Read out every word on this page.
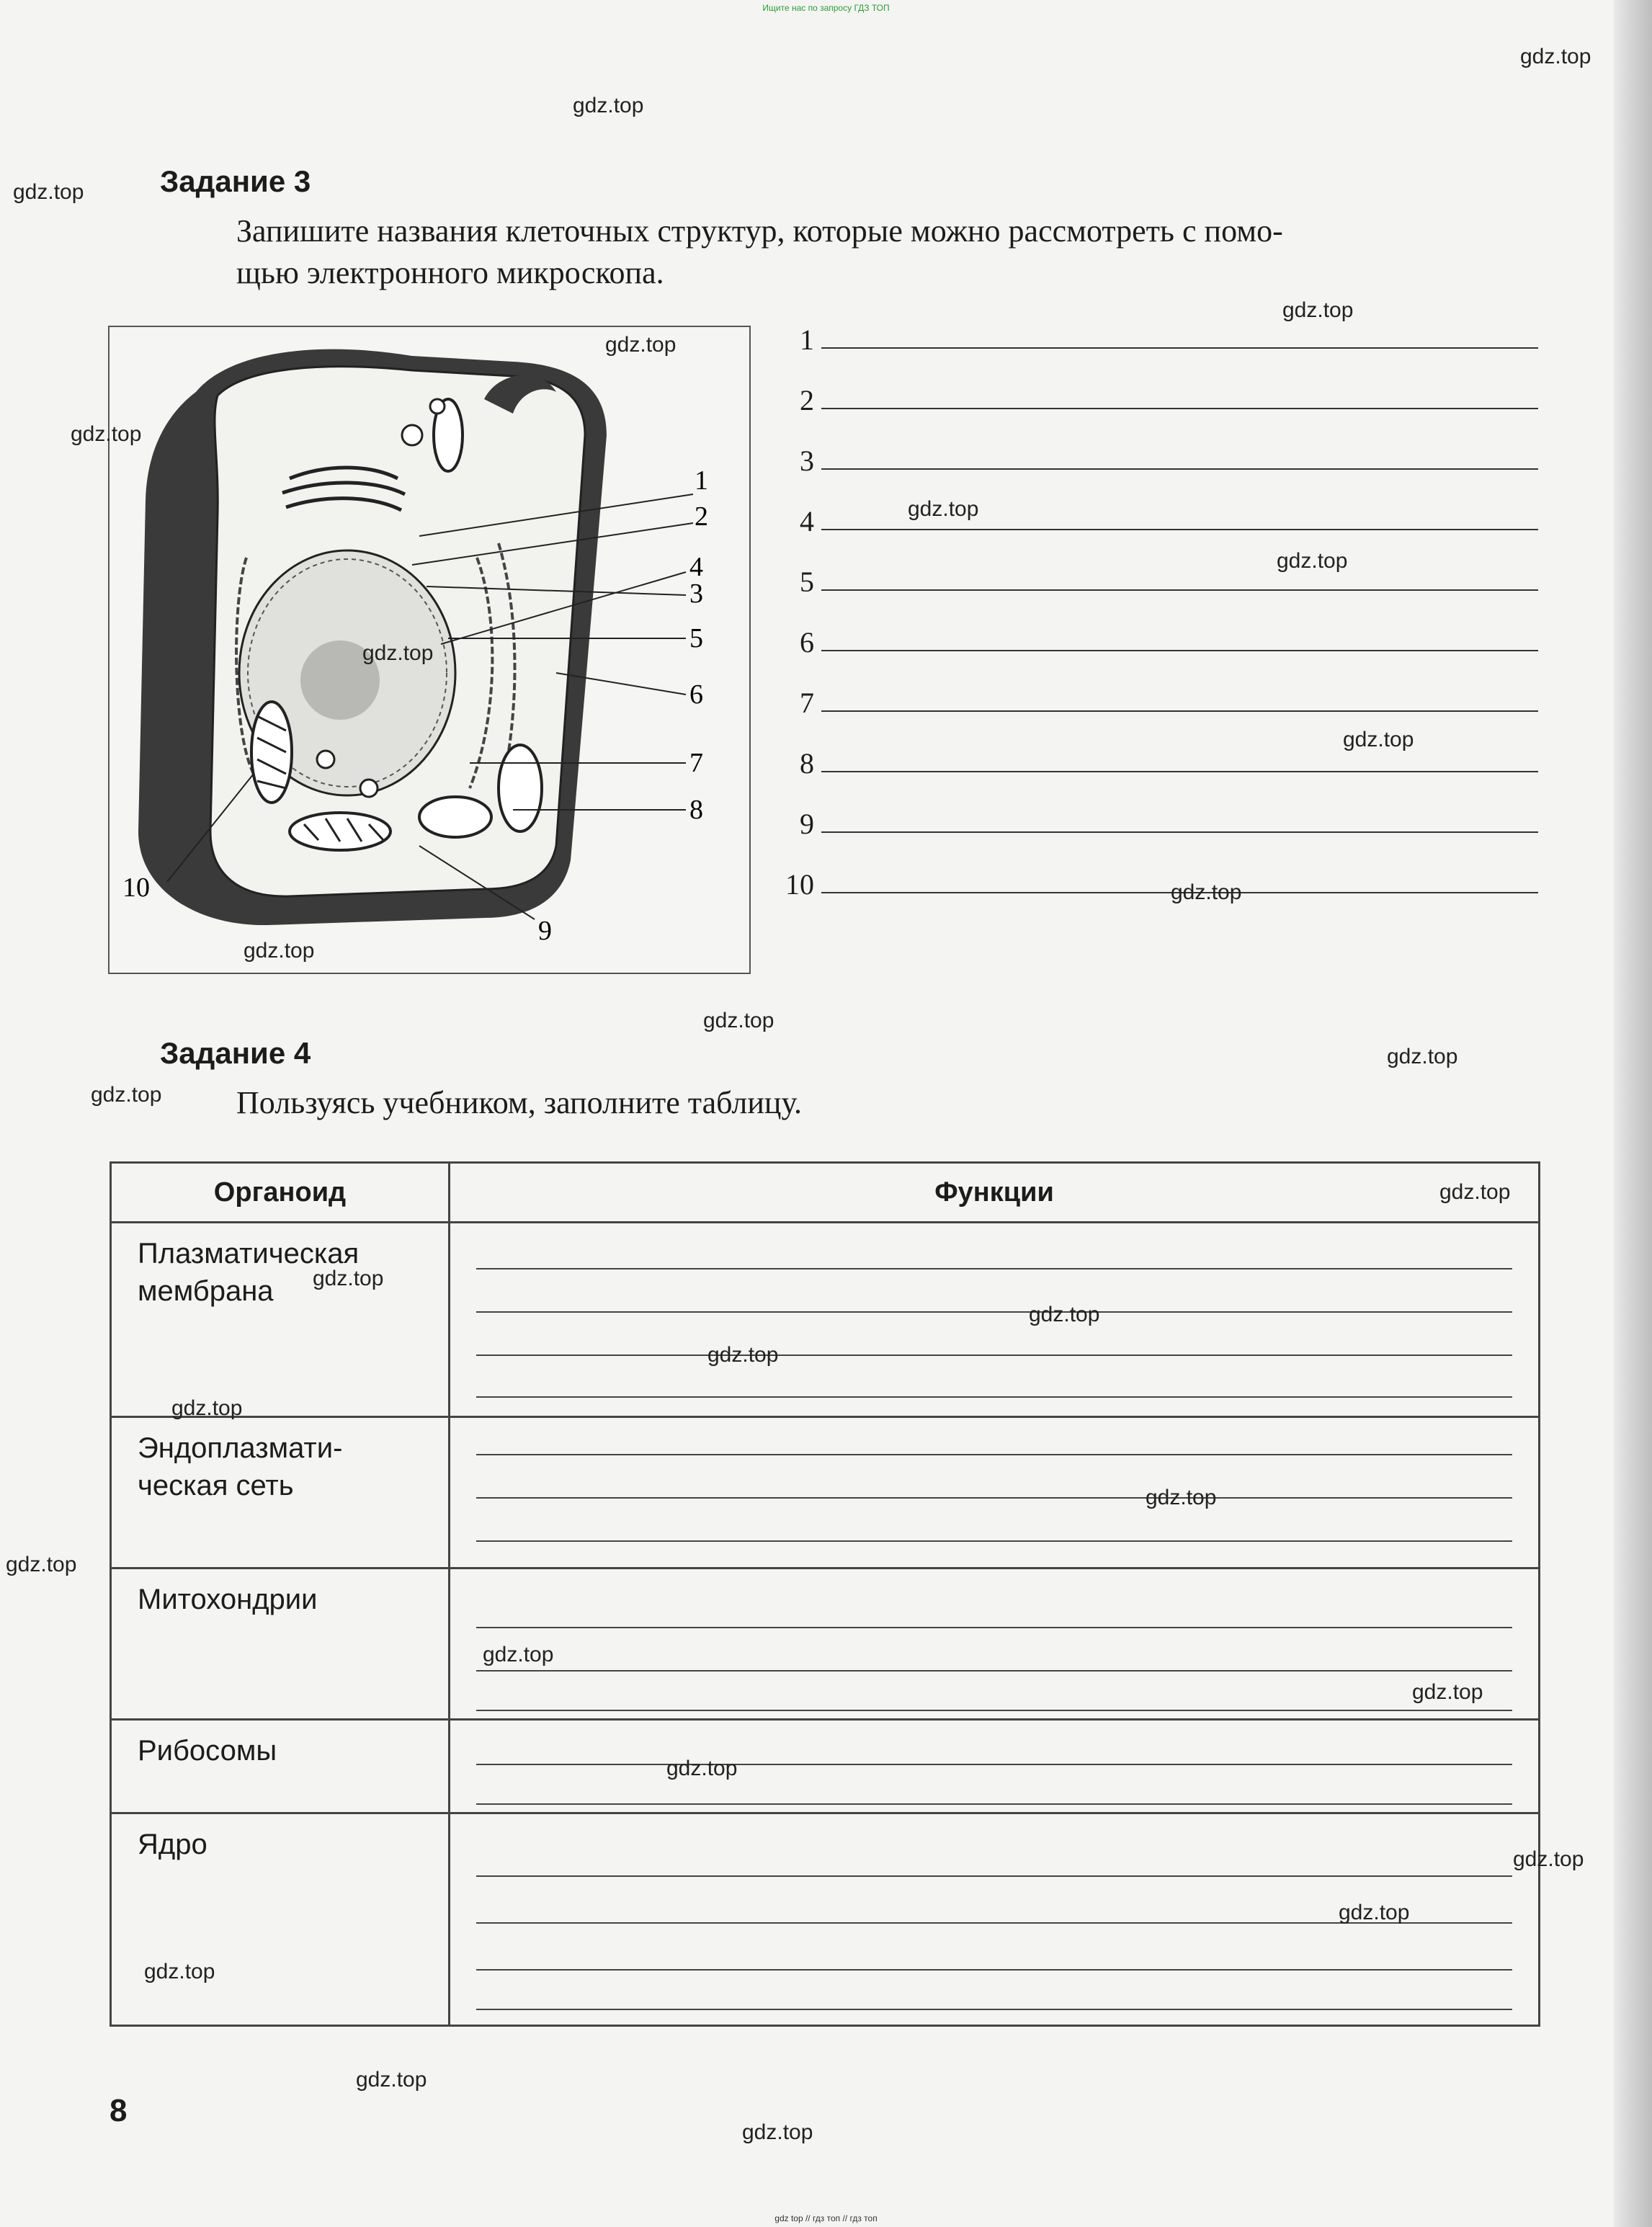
Ищите нас по запросу ГДЗ ТОП
Задание 3
Запишите названия клеточных структур, которые можно рассмотреть с помо-
щью электронного микроскопа.
1
2
3
4
5
6
7
8
9
10
1
2
3
4
5
6
7
8
9
10
Задание 4
Пользуясь учебником, заполните таблицу.
Органоид	Функции

Плазматическая
мембрана	

Эндоплазмати-
ческая сеть	

Митохондрии	

Рибосомы	

Ядро	

8
gdz.top
gdz.top
gdz.top
gdz.top
gdz.top
gdz.top
gdz.top
gdz.top
gdz.top
gdz.top
gdz.top
gdz.top
gdz.top
gdz.top
gdz.top
gdz.top
gdz.top
gdz.top
gdz.top
gdz.top
gdz.top
gdz.top
gdz.top
gdz.top
gdz.top
gdz.top
gdz.top
gdz.top
gdz.top
gdz.top
gdz top // гдз топ // гдз топ
